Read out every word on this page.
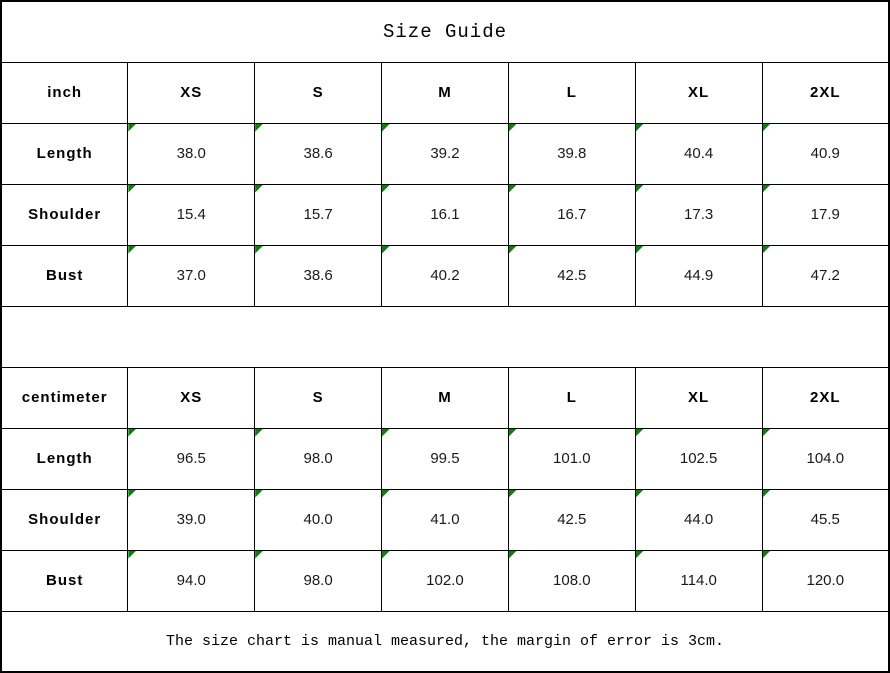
Size Guide						
inch	XS	S	M	L	XL	2XL
Length	38.0	38.6	39.2	39.8	40.4	40.9
Shoulder	15.4	15.7	16.1	16.7	17.3	17.9
Bust	37.0	38.6	40.2	42.5	44.9	47.2

centimeter	XS	S	M	L	XL	2XL
Length	96.5	98.0	99.5	101.0	102.5	104.0
Shoulder	39.0	40.0	41.0	42.5	44.0	45.5
Bust	94.0	98.0	102.0	108.0	114.0	120.0
The size chart is manual measured, the margin of error is 3cm.						
